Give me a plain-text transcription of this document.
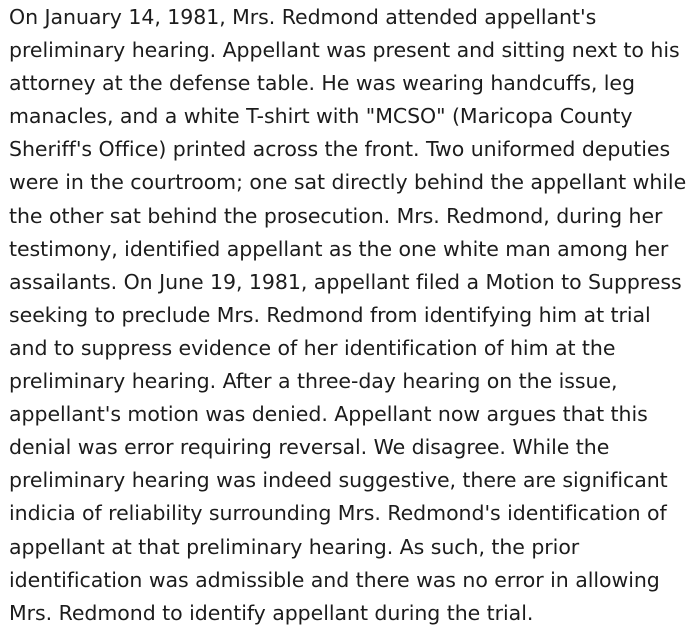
On January 14, 1981, Mrs. Redmond attended appellant's
preliminary hearing. Appellant was present and sitting next to his
attorney at the defense table. He was wearing handcuffs, leg
manacles, and a white T-shirt with "MCSO" (Maricopa County
Sheriff's Office) printed across the front. Two uniformed deputies
were in the courtroom; one sat directly behind the appellant while
the other sat behind the prosecution. Mrs. Redmond, during her
testimony, identified appellant as the one white man among her
assailants. On June 19, 1981, appellant filed a Motion to Suppress
seeking to preclude Mrs. Redmond from identifying him at trial
and to suppress evidence of her identification of him at the
preliminary hearing. After a three-day hearing on the issue,
appellant's motion was denied. Appellant now argues that this
denial was error requiring reversal. We disagree. While the
preliminary hearing was indeed suggestive, there are significant
indicia of reliability surrounding Mrs. Redmond's identification of
appellant at that preliminary hearing. As such, the prior
identification was admissible and there was no error in allowing
Mrs. Redmond to identify appellant during the trial.
